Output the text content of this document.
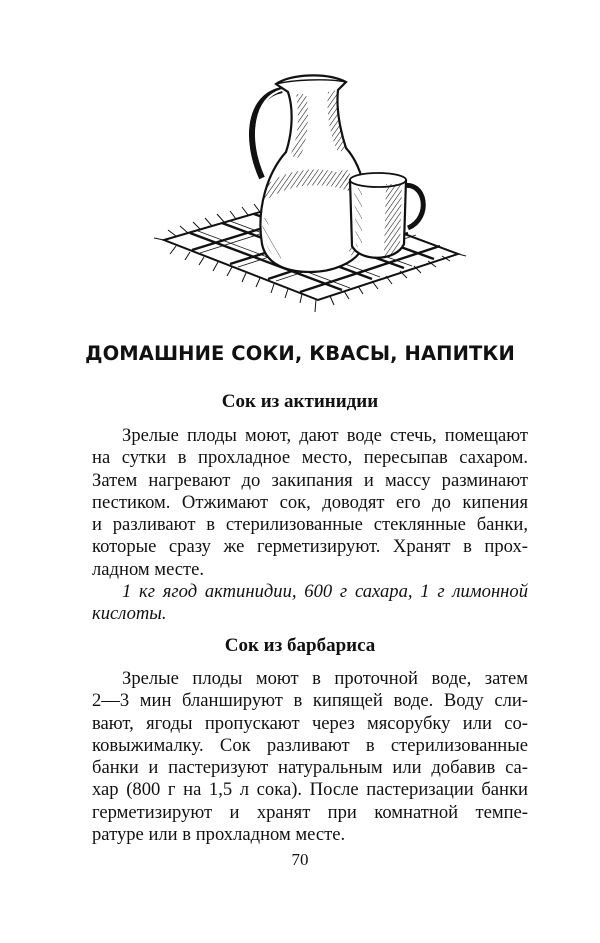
ДОМАШНИЕ СОКИ, КВАСЫ, НАПИТКИ
Сок из актинидии
Зрелые плоды моют, дают воде стечь, помещают
на сутки в прохладное место, пересыпав сахаром.
Затем нагревают до закипания и массу разминают
пестиком. Отжимают сок, доводят его до кипения
и разливают в стерилизованные стеклянные банки,
которые сразу же герметизируют. Хранят в прох-
ладном месте.
1 кг ягод актинидии, 600 г сахара, 1 г лимонной
кислоты.
Сок из барбариса
Зрелые плоды моют в проточной воде, затем
2—3 мин бланшируют в кипящей воде. Воду сли-
вают, ягоды пропускают через мясорубку или со-
ковыжималку. Сок разливают в стерилизованные
банки и пастеризуют натуральным или добавив са-
хар (800 г на 1,5 л сока). После пастеризации банки
герметизируют и хранят при комнатной темпе-
ратуре или в прохладном месте.
70
